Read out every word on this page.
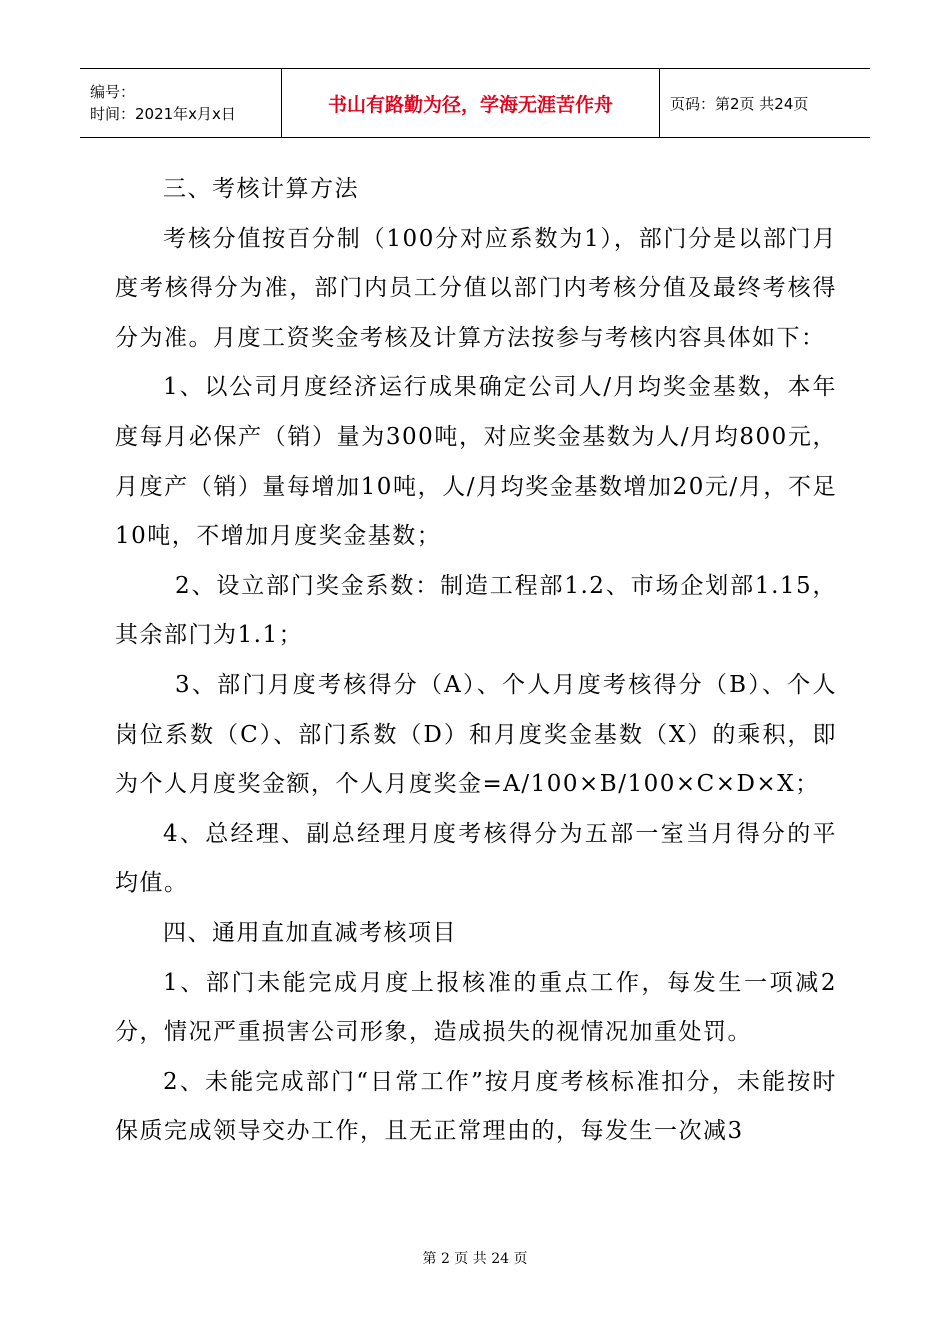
编号：
时间：2021年x月x日	书山有路勤为径，学海无涯苦作舟	页码：第2页 共24页

三、考核计算方法

考核分值按百分制（100分对应系数为1），部门分是以部门月度考核得分为准，部门内员工分值以部门内考核分值及最终考核得分为准。月度工资奖金考核及计算方法按参与考核内容具体如下：

1、以公司月度经济运行成果确定公司人/月均奖金基数，本年度每月必保产（销）量为300吨，对应奖金基数为人/月均800元，月度产（销）量每增加10吨，人/月均奖金基数增加20元/月，不足10吨，不增加月度奖金基数；

2、设立部门奖金系数：制造工程部1.2、市场企划部1.15，其余部门为1.1；

3、部门月度考核得分（A）、个人月度考核得分（B）、个人岗位系数（C）、部门系数（D）和月度奖金基数（X）的乘积，即为个人月度奖金额，个人月度奖金=A/100×B/100×C×D×X；

4、总经理、副总经理月度考核得分为五部一室当月得分的平均值。

四、通用直加直减考核项目

1、部门未能完成月度上报核准的重点工作，每发生一项减2分，情况严重损害公司形象，造成损失的视情况加重处罚。

2、未能完成部门“日常工作”按月度考核标准扣分，未能按时保质完成领导交办工作，且无正常理由的，每发生一次减3

第 2 页 共 24 页
